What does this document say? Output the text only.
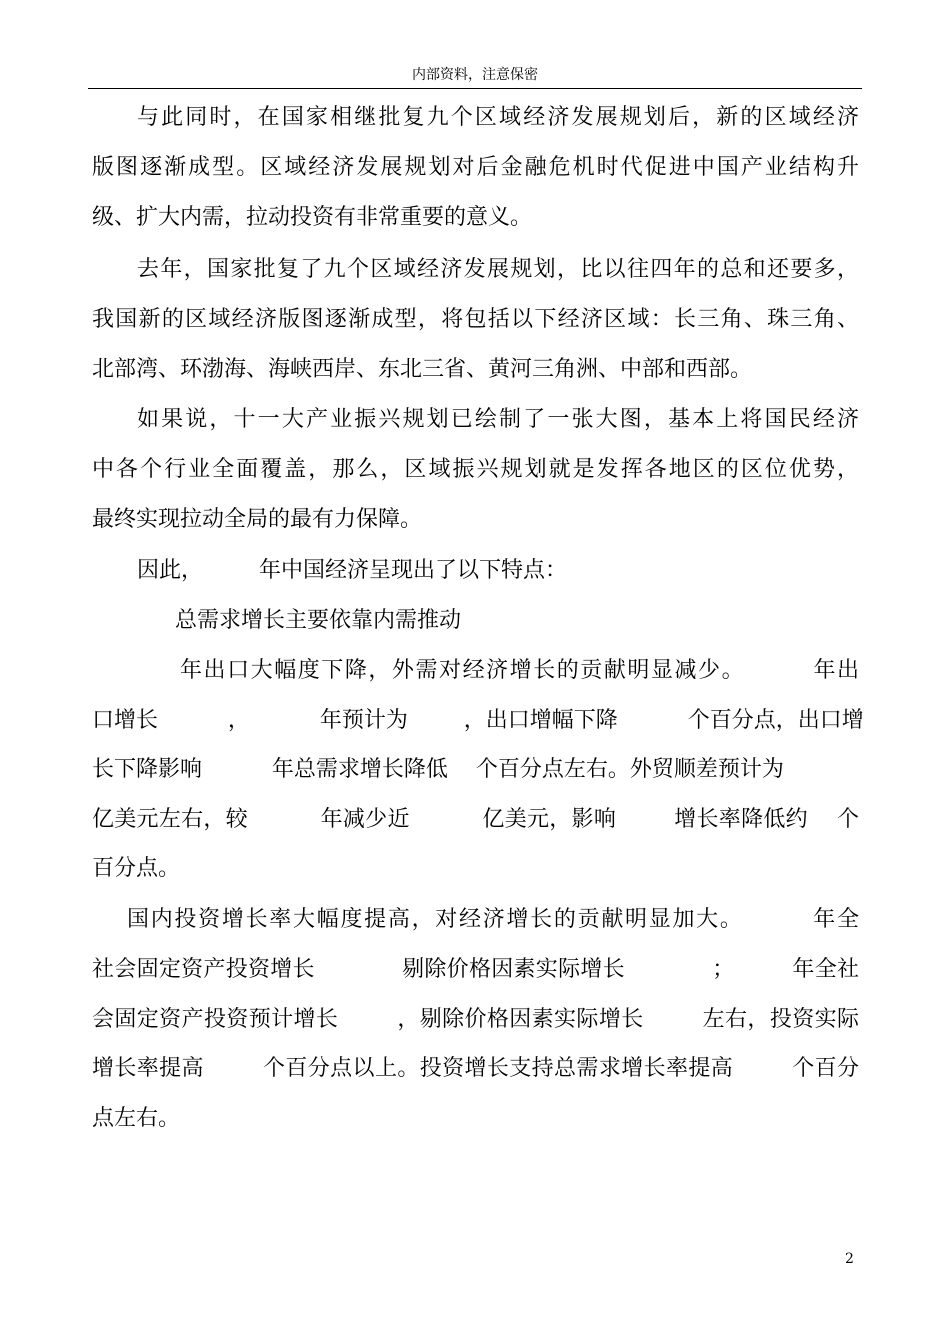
内部资料，注意保密
与此同时，在国家相继批复九个区域经济发展规划后，新的区域经济
版图逐渐成型。区域经济发展规划对后金融危机时代促进中国产业结构升
级、扩大内需，拉动投资有非常重要的意义。
去年，国家批复了九个区域经济发展规划，比以往四年的总和还要多，
我国新的区域经济版图逐渐成型，将包括以下经济区域：长三角、珠三角、
北部湾、环渤海、海峡西岸、东北三省、黄河三角洲、中部和西部。
如果说，十一大产业振兴规划已绘制了一张大图，基本上将国民经济
中各个行业全面覆盖，那么，区域振兴规划就是发挥各地区的区位优势，
最终实现拉动全局的最有力保障。
因此，        年中国经济呈现出了以下特点：
总需求增长主要依靠内需推动
年出口大幅度下降，外需对经济增长的贡献明显减少。        年出
口增长          ，          年预计为        ，出口增幅下降          个百分点，出口增
长下降影响          年总需求增长降低    个百分点左右。外贸顺差预计为
亿美元左右，较          年减少近          亿美元，影响        增长率降低约    个
百分点。
国内投资增长率大幅度提高，对经济增长的贡献明显加大。        年全
社会固定资产投资增长            剔除价格因素实际增长            ；        年全社
会固定资产投资预计增长        ，剔除价格因素实际增长        左右，投资实际
增长率提高        个百分点以上。投资增长支持总需求增长率提高        个百分
点左右。
2
